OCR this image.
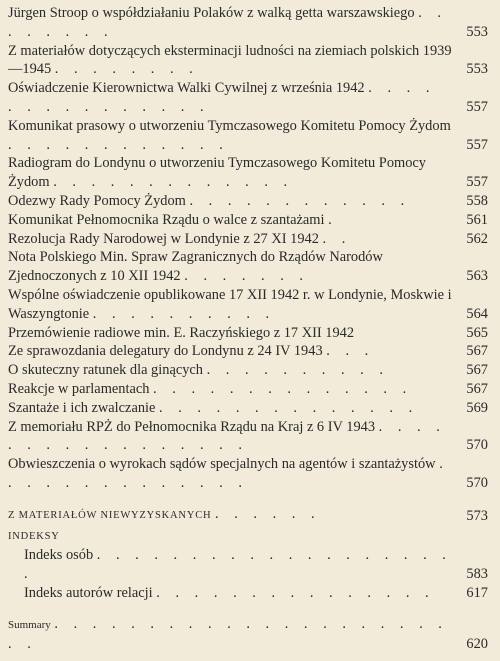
Jürgen Stroop o współdziałaniu Polaków z walką getta warszawskiego . . . . . . . .	553
Z materiałów dotyczących eksterminacji ludności na ziemiach polskich 1939—1945 . . . . . . . .	553
Oświadczenie Kierownictwa Walki Cywilnej z września 1942 . . . . . . . . . . . . . . .	557
Komunikat prasowy o utworzeniu Tymczasowego Komitetu Pomocy Żydom . . . . . . . . . . . .	557
Radiogram do Londynu o utworzeniu Tymczasowego Komitetu Pomocy Żydom . . . . . . . . . . . . .	557
Odezwy Rady Pomocy Żydom . . . . . . . . . . . .	558
Komunikat Pełnomocnika Rządu o walce z szantażami .	561
Rezolucja Rady Narodowej w Londynie z 27 XI 1942 . .	562
Nota Polskiego Min. Spraw Zagranicznych do Rządów Narodów Zjednoczonych z 10 XII 1942 . . . . . . .	563
Wspólne oświadczenie opublikowane 17 XII 1942 r. w Londynie, Moskwie i Waszyngtonie . . . . . . . . . .	564
Przemówienie radiowe min. E. Raczyńskiego z 17 XII 1942	565
Ze sprawozdania delegatury do Londynu z 24 IV 1943 . . .	567
O skuteczny ratunek dla ginących . . . . . . . . . .	567
Reakcje w parlamentach . . . . . . . . . . . . . .	567
Szantaże i ich zwalczanie . . . . . . . . . . . . . .	569
Z memoriału RPŻ do Pełnomocnika Rządu na Kraj z 6 IV 1943 . . . . . . . . . . . . . . . . .	570
Obwieszczenia o wyrokach sądów specjalnych na agentów i szantażystów . . . . . . . . . . . . . .	570
Z MATERIAŁÓW NIEWYZYSKANYCH . . . . . .	573
INDEKSY
Indeks osób . . . . . . . . . . . . . . . . . . . .	583
Indeks autorów relacji . . . . . . . . . . . . . . .	617
Summary . . . . . . . . . . . . . . . . . . . . . . .	620
